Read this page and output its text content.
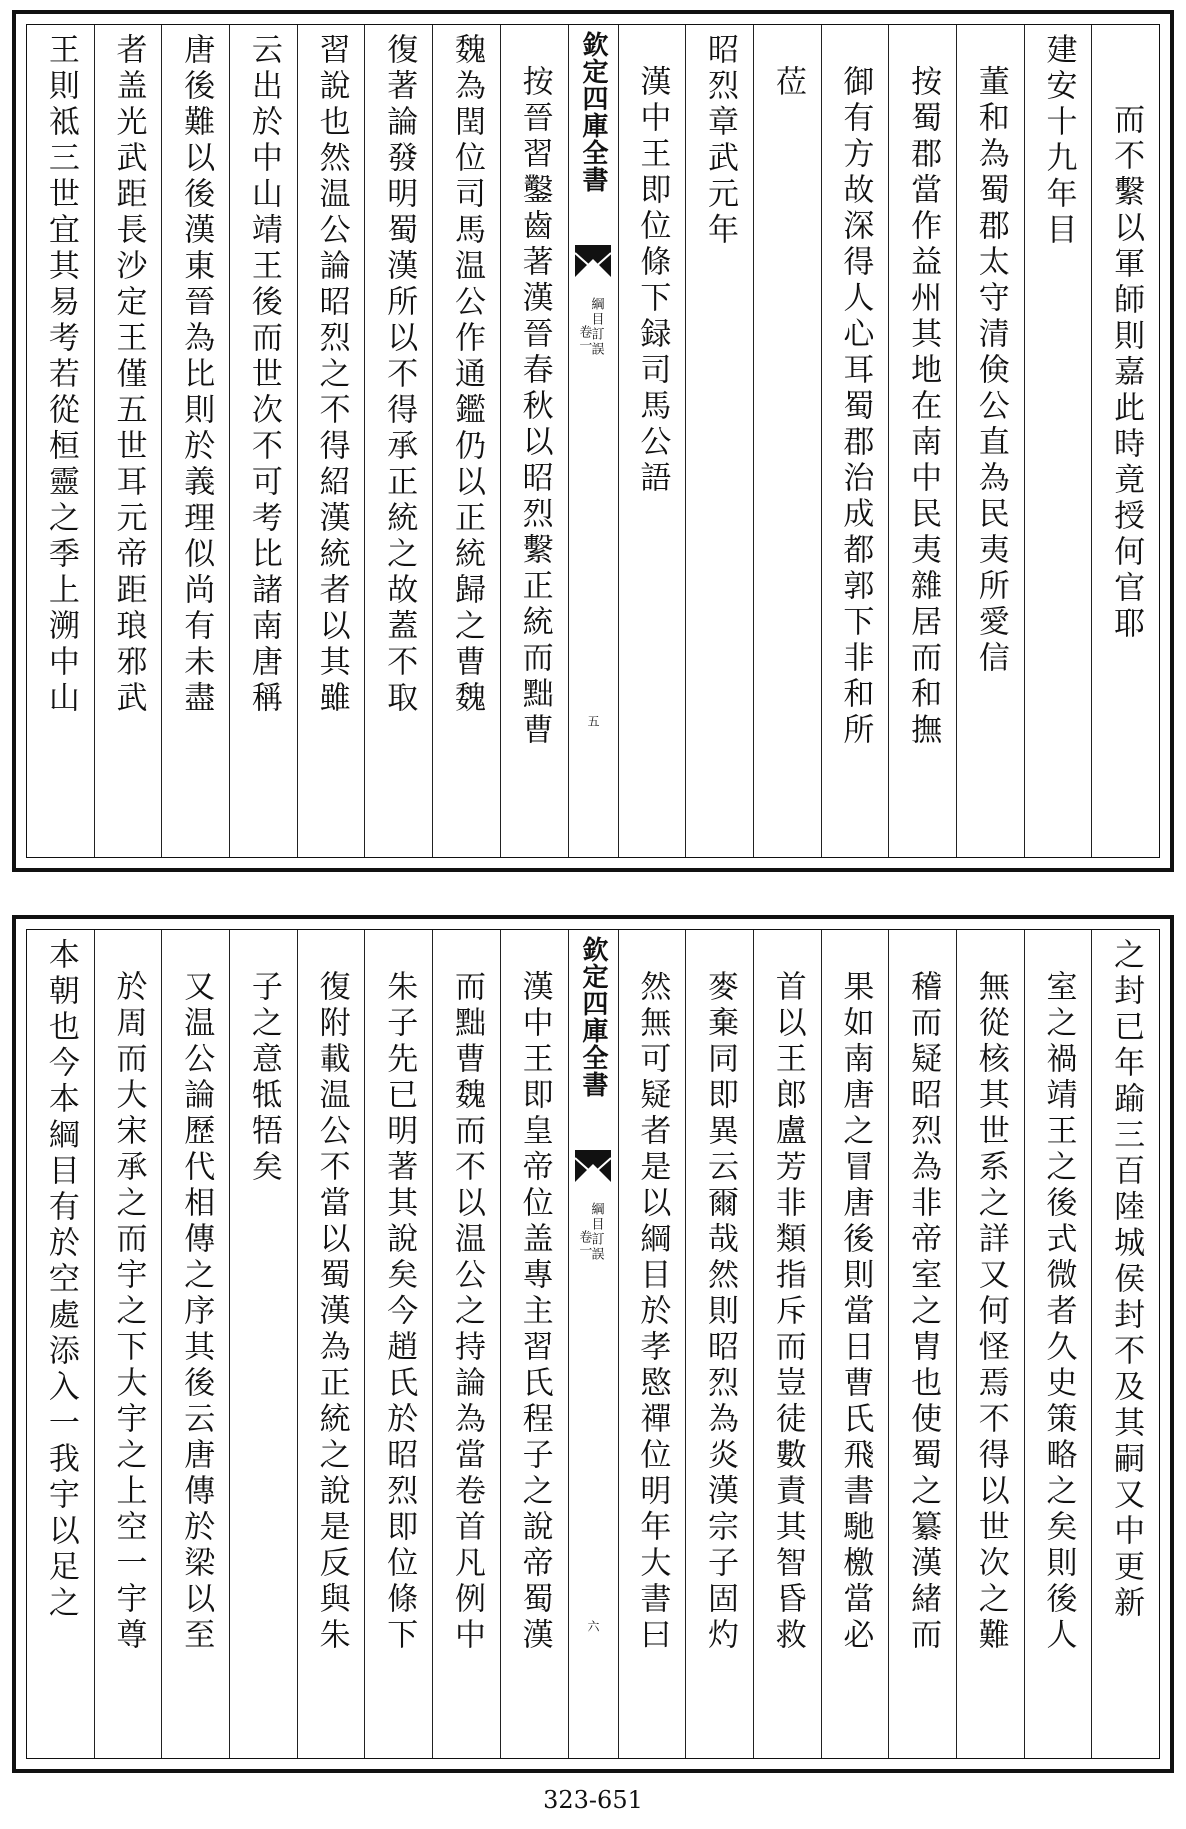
而不繫以軍師則嘉此時竟授何官耶
建安十九年目
董和為蜀郡太守清倹公直為民夷所愛信
按蜀郡當作益州其地在南中民夷雜居而和撫
御有方故深得人心耳蜀郡治成都郭下非和所
莅
昭烈章武元年
漢中王即位條下録司馬公語
欽定四庫全書
綱目訂誤
卷一
五
按晉習鑿齒著漢晉春秋以昭烈繫正統而黜曹
魏為閏位司馬温公作通鑑仍以正統歸之曹魏
復著論發明蜀漢所以不得承正統之故蓋不取
習說也然温公論昭烈之不得紹漢統者以其雖
云出於中山靖王後而世次不可考比諸南唐稱
唐後難以後漢東晉為比則於義理似尚有未盡
者盖光武距長沙定王僅五世耳元帝距琅邪武
王則祗三世宜其易考若從桓靈之季上溯中山
之封已年踰三百陸城侯封不及其嗣又中更新
室之禍靖王之後式微者久史策略之矣則後人
無從核其世系之詳又何怪焉不得以世次之難
稽而疑昭烈為非帝室之胄也使蜀之纂漢緒而
果如南唐之冒唐後則當日曹氏飛書馳檄當必
首以王郎盧芳非類指斥而豈徒數責其智昏救
麥棄同即異云爾哉然則昭烈為炎漢宗子固灼
然無可疑者是以綱目於孝愍禪位明年大書曰
欽定四庫全書
綱目訂誤
卷一
六
漢中王即皇帝位盖專主習氏程子之說帝蜀漢
而黜曹魏而不以温公之持論為當卷首凡例中
朱子先已明著其說矣今趙氏於昭烈即位條下
復附載温公不當以蜀漢為正統之說是反與朱
子之意牴牾矣
又温公論歷代相傳之序其後云唐傳於梁以至
於周而大宋承之而宇之下大宇之上空一宇尊
本朝也今本綱目有於空處添入一我宇以足之
323-651
